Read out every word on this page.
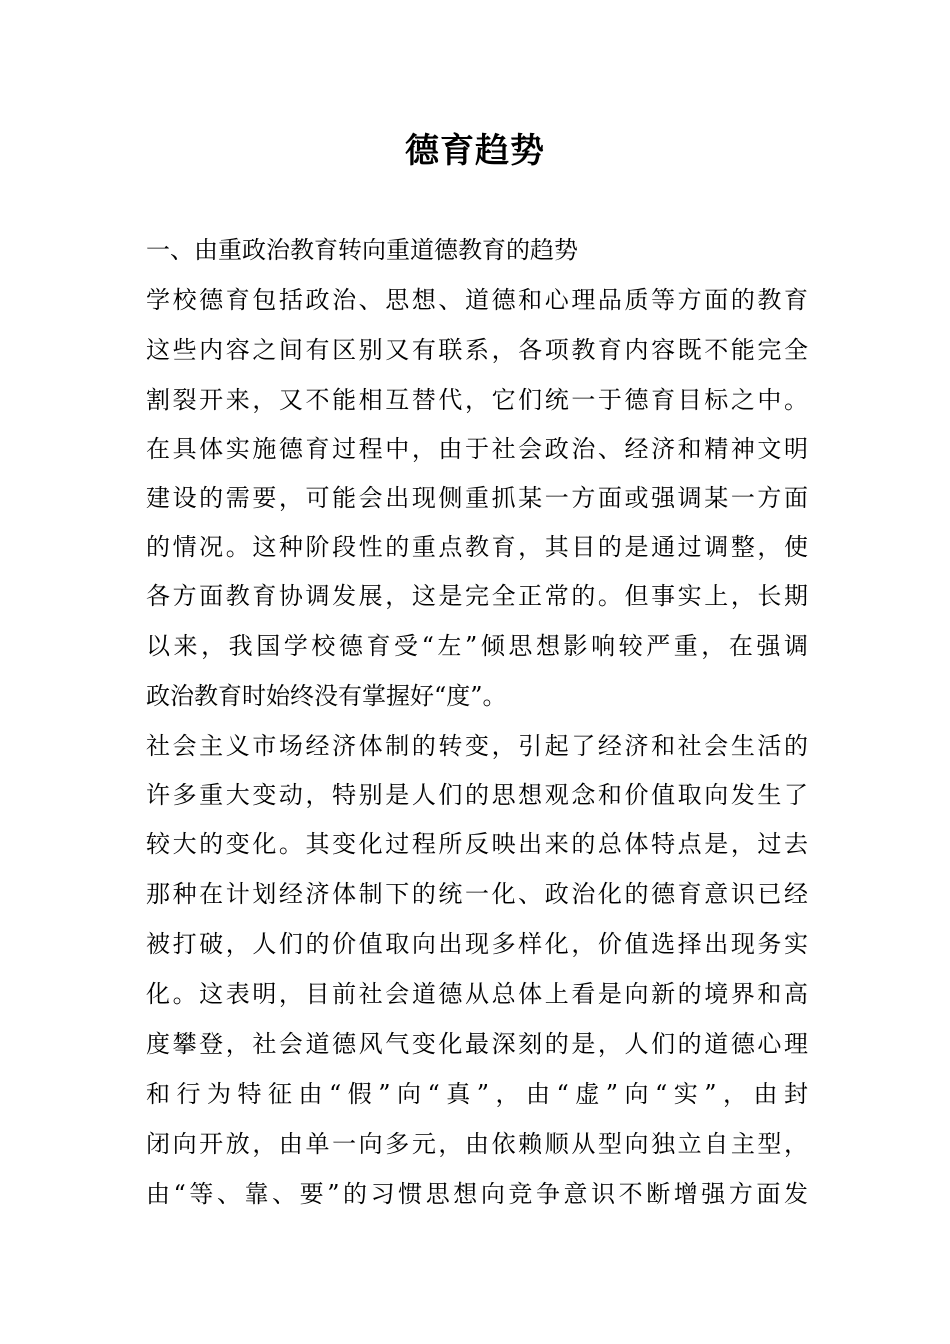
德育趋势
一、由重政治教育转向重道德教育的趋势
学校德育包括政治、思想、道德和心理品质等方面的教育
这些内容之间有区别又有联系，各项教育内容既不能完全
割裂开来，又不能相互替代，它们统一于德育目标之中。
在具体实施德育过程中，由于社会政治、经济和精神文明
建设的需要，可能会出现侧重抓某一方面或强调某一方面
的情况。这种阶段性的重点教育，其目的是通过调整，使
各方面教育协调发展，这是完全正常的。但事实上，长期
以来，我国学校德育受“左”倾思想影响较严重，在强调
政治教育时始终没有掌握好“度”。
社会主义市场经济体制的转变，引起了经济和社会生活的
许多重大变动，特别是人们的思想观念和价值取向发生了
较大的变化。其变化过程所反映出来的总体特点是，过去
那种在计划经济体制下的统一化、政治化的德育意识已经
被打破，人们的价值取向出现多样化，价值选择出现务实
化。这表明，目前社会道德从总体上看是向新的境界和高
度攀登，社会道德风气变化最深刻的是，人们的道德心理
和行为特征由“假”向“真”，由“虚”向“实”，由封
闭向开放，由单一向多元，由依赖顺从型向独立自主型，
由“等、靠、要”的习惯思想向竞争意识不断增强方面发
